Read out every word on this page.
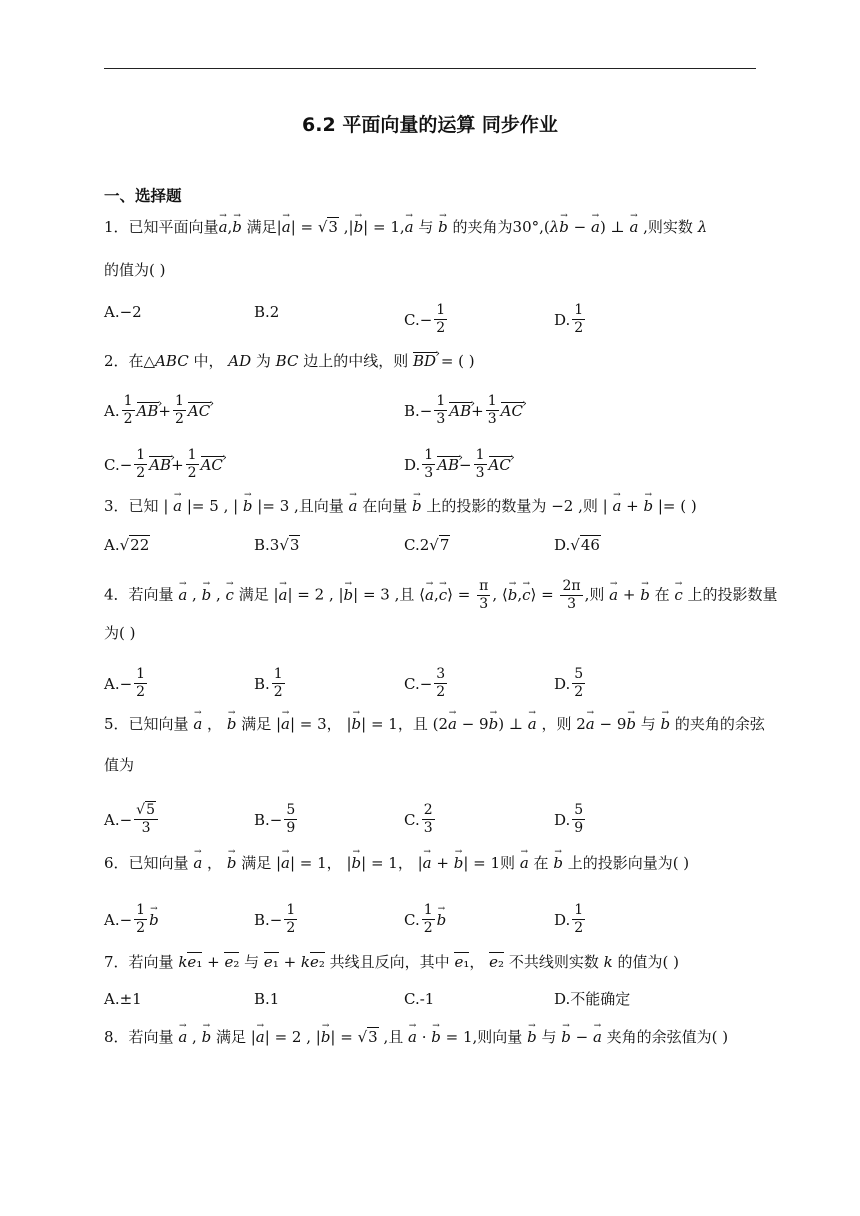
6.2 平面向量的运算 同步作业
一、选择题
1．已知平面向量→ a,→ b 满足|→ a| = √3 ,|→ b| = 1,→ a 与 → b 的夹角为30°,(λ→ b − → a) ⊥ → a ,则实数 λ
的值为( )
A.−2	B.2	$C.- \frac{1}{2}$	D. $\frac{1}{2}$
2．在△ABC 中， AD 为 BC 边上的中线，则 BD › = ( )
A. $\frac{1}{2}$ AB › + $\frac{1}{2}$ AC ›	$B.- \frac{1}{3}$ AB › + $\frac{1}{3}$ AC ›
$C.- \frac{1}{2}$ AB › + $\frac{1}{2}$ AC ›	D. $\frac{1}{3}$ AB › − $\frac{1}{3}$ AC ›
3．已知 | → a |= 5 , | → b |= 3 ,且向量 → a 在向量 → b 上的投影的数量为 −2 ,则 | → a + → b |= ( )
A. √22	B.3 √3	C.2 √7	D. √46
4．若向量 → a , → b , → c 满足 |→ a| = 2 , |→ b| = 3 ,且 ⟨→ a,→ c⟩ = $\frac{\pi}{3}$ , ⟨→ b,→ c⟩ = $\frac{2\pi}{3}$ ,则 → a + → b 在 → c 上的投影数量
为( )
$A.- \frac{1}{2}$	B. $\frac{1}{2}$	$C.- \frac{3}{2}$	D. $\frac{5}{2}$
5．已知向量 → a ， → b 满足 |→ a| = 3， |→ b| = 1，且 (2→ a − 9→ b) ⊥ → a ，则 2→ a − 9→ b 与 → b 的夹角的余弦
值为
$A.- \frac{√5}{3}$	$B.- \frac{5}{9}$	C. $\frac{2}{3}$	D. $\frac{5}{9}$
6．已知向量 → a ， → b 满足 |→ a| = 1， |→ b| = 1， |→ a + → b| = 1则 → a 在 → b 上的投影向量为( )
$A.- \frac{1}{2}$
→ b	$B.- \frac{1}{2}$	C. $\frac{1}{2}$
→ b	D. $\frac{1}{2}$
7．若向量 ke₁ + e₂ 与 e₁ + ke₂ 共线且反向，其中 e₁， e₂ 不共线则实数 k 的值为( )
A.±1	B.1	C.-1	D.不能确定
8．若向量 → a , → b 满足 |→ a| = 2 , |→ b| = √3 ,且 → a · → b = 1,则向量 → b 与 → b − → a 夹角的余弦值为( )
